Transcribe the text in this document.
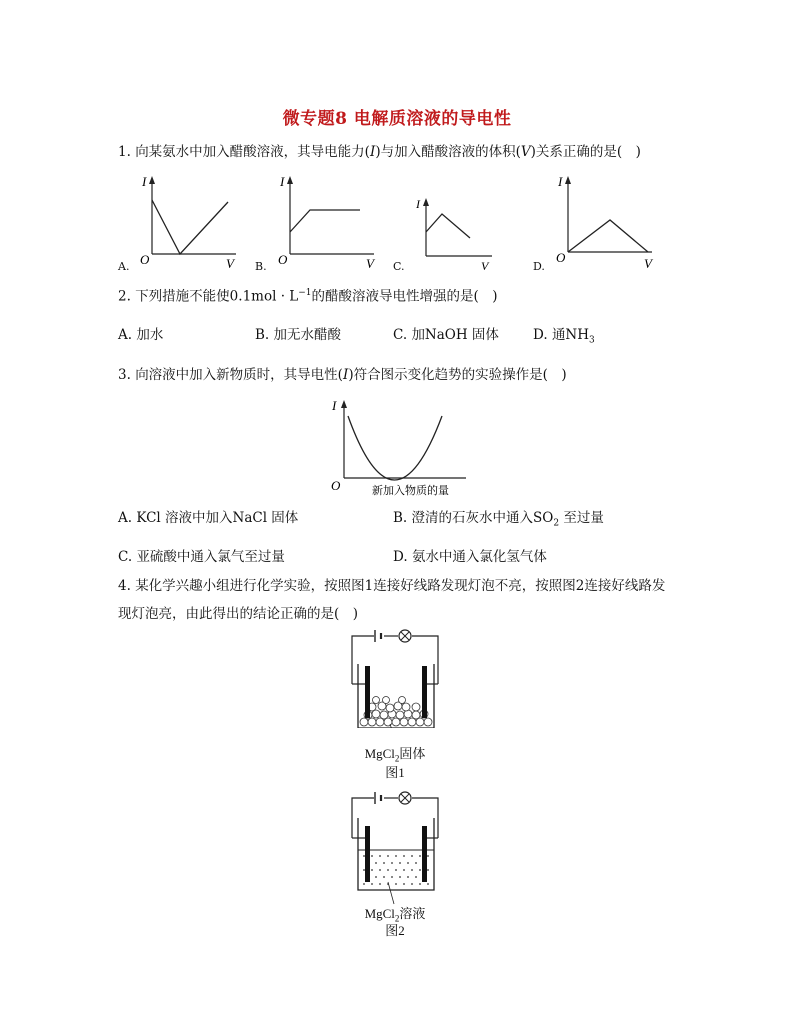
微专题8 电解质溶液的导电性
1. 向某氨水中加入醋酸溶液，其导电能力(I)与加入醋酸溶液的体积(V)关系正确的是(　)
I
O	V
A.
I
O	V
B.
I
V
C.
I
O	V
D.
2. 下列措施不能使$0.1mol \cdot L^{-1}$的醋酸溶液导电性增强的是(　)
A. 加水	B. 加无水醋酸	C. 加NaOH 固体	D. 通$NH_3$
3. 向溶液中加入新物质时，其导电性(I)符合图示变化趋势的实验操作是(　)
I
O	新加入物质的量
A. KCl 溶液中加入NaCl 固体	B. 澄清的石灰水中通入$SO_2$ 至过量
C. 亚硫酸中通入氯气至过量	D. 氨水中通入氯化氢气体
4. 某化学兴趣小组进行化学实验，按照图1连接好线路发现灯泡不亮，按照图2连接好线路发
现灯泡亮，由此得出的结论正确的是(　)
MgCl$_2$固体
图1
MgCl$_2$溶液
图2
